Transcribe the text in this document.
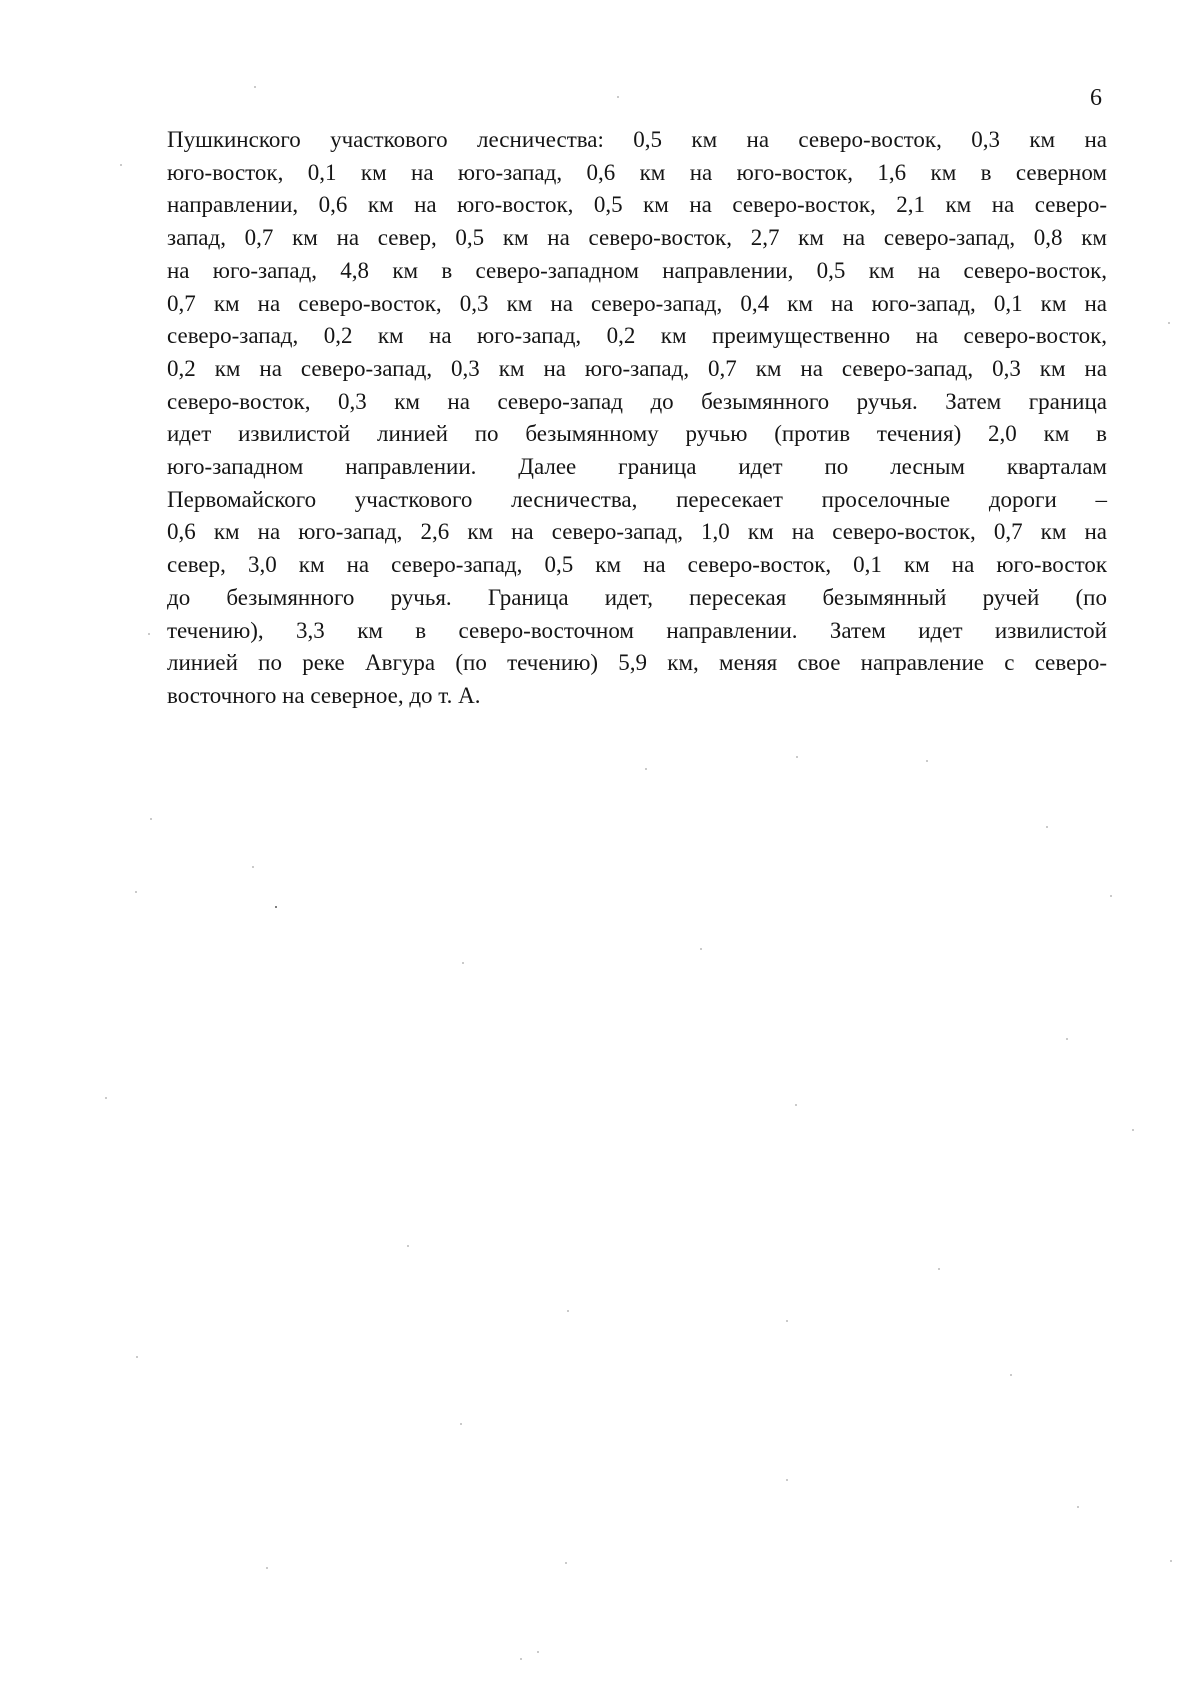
6
Пушкинского участкового лесничества: 0,5 км на северо-восток, 0,3 км на
юго-восток, 0,1 км на юго-запад, 0,6 км на юго-восток, 1,6 км в северном
направлении, 0,6 км на юго-восток, 0,5 км на северо-восток, 2,1 км на северо-
запад, 0,7 км на север, 0,5 км на северо-восток, 2,7 км на северо-запад, 0,8 км
на юго-запад, 4,8 км в северо-западном направлении, 0,5 км на северо-восток,
0,7 км на северо-восток, 0,3 км на северо-запад, 0,4 км на юго-запад, 0,1 км на
северо-запад, 0,2 км на юго-запад, 0,2 км преимущественно на северо-восток,
0,2 км на северо-запад, 0,3 км на юго-запад, 0,7 км на северо-запад, 0,3 км на
северо-восток, 0,3 км на северо-запад до безымянного ручья. Затем граница
идет извилистой линией по безымянному ручью (против течения) 2,0 км в
юго-западном направлении. Далее граница идет по лесным кварталам
Первомайского участкового лесничества, пересекает проселочные дороги –
0,6 км на юго-запад, 2,6 км на северо-запад, 1,0 км на северо-восток, 0,7 км на
север, 3,0 км на северо-запад, 0,5 км на северо-восток, 0,1 км на юго-восток
до безымянного ручья. Граница идет, пересекая безымянный ручей (по
течению), 3,3 км в северо-восточном направлении. Затем идет извилистой
линией по реке Авгура (по течению) 5,9 км, меняя свое направление с северо-
восточного на северное, до т. А.
